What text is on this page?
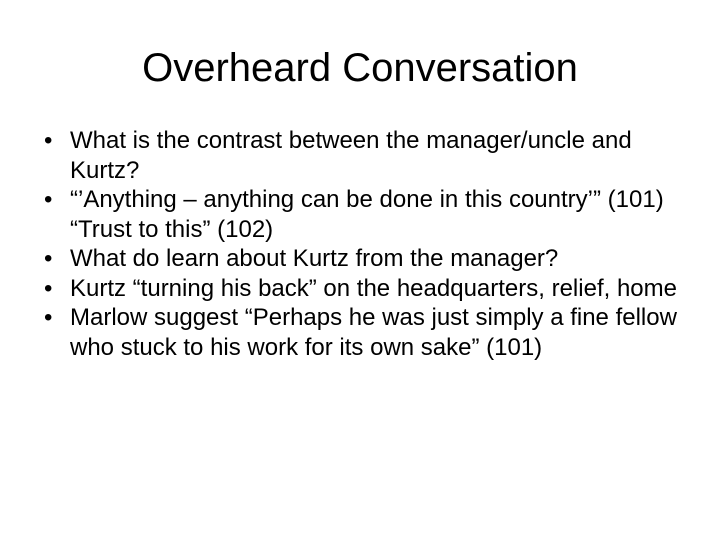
Overheard Conversation
• What is the contrast between the manager/uncle and Kurtz?
• “’Anything – anything can be done in this country’” (101) “Trust to this” (102)
• What do learn about Kurtz from the manager?
• Kurtz “turning his back” on the headquarters, relief, home
• Marlow suggest “Perhaps he was just simply a fine fellow who stuck to his work for its own sake” (101)
